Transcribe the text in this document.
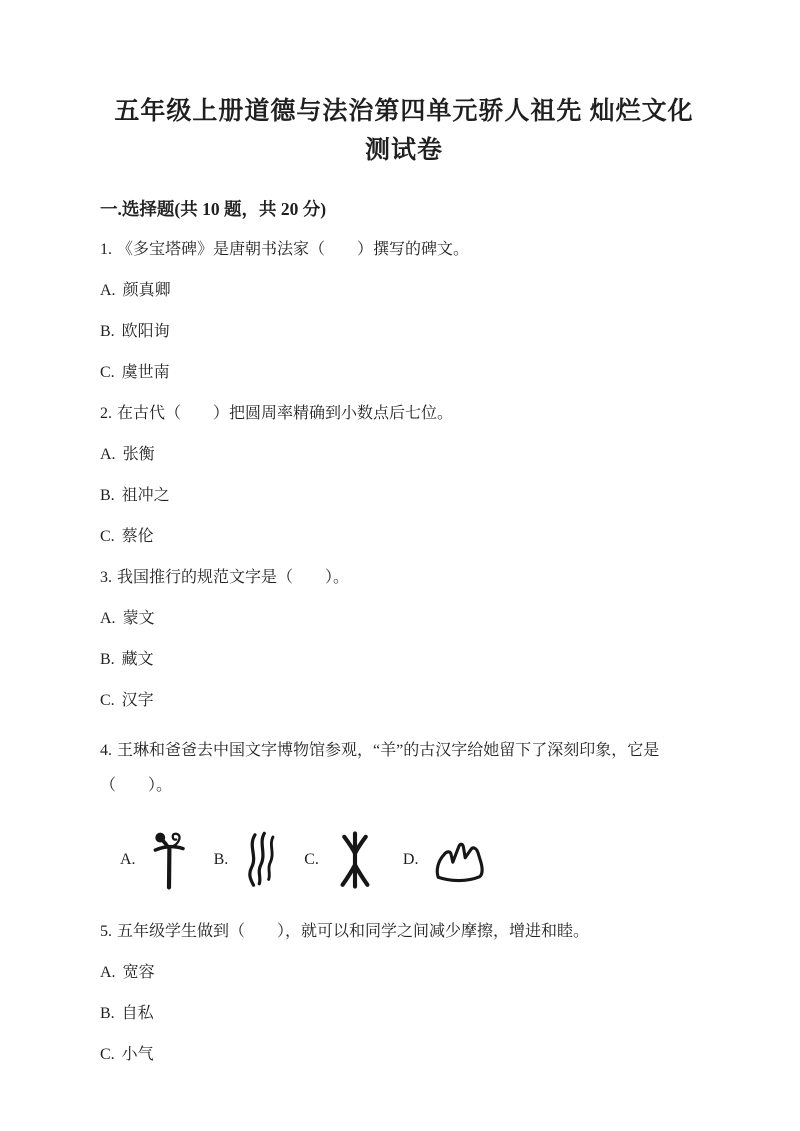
五年级上册道德与法治第四单元骄人祖先 灿烂文化
测试卷
一.选择题(共 10 题，共 20 分)

1. 《多宝塔碑》是唐朝书法家（　　）撰写的碑文。

A. 颜真卿

B. 欧阳询

C. 虞世南

2. 在古代（　　）把圆周率精确到小数点后七位。

A. 张衡

B. 祖冲之

C. 蔡伦

3. 我国推行的规范文字是（　　）。

A. 蒙文

B. 藏文

C. 汉字

4. 王琳和爸爸去中国文字博物馆参观，“羊”的古汉字给她留下了深刻印象，它是（　　）。

A.	B.	C.	D.

5. 五年级学生做到（　　），就可以和同学之间减少摩擦，增进和睦。

A. 宽容

B. 自私

C. 小气
